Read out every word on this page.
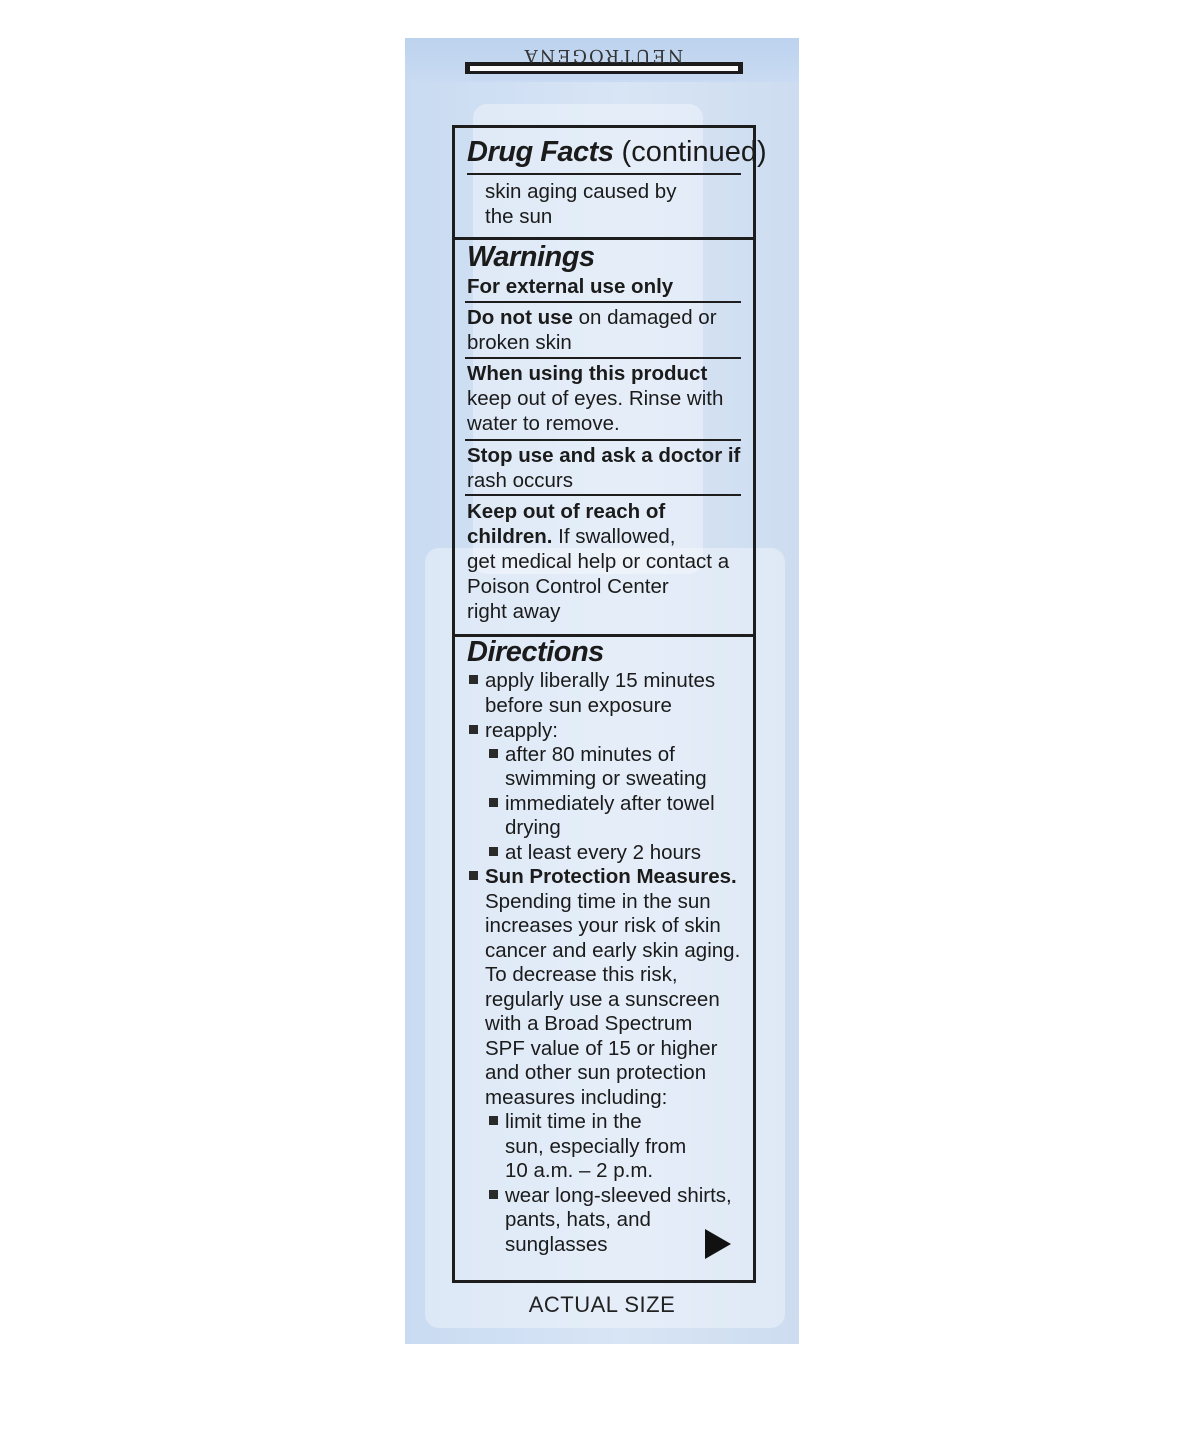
NEUTROGENA
Drug Facts (continued)
skin aging caused by
the sun
Warnings
For external use only
Do not use on damaged or
broken skin
When using this product
keep out of eyes. Rinse with
water to remove.
Stop use and ask a doctor if
rash occurs
Keep out of reach of
children. If swallowed,
get medical help or contact a
Poison Control Center
right away
Directions
apply liberally 15 minutes
before sun exposure
reapply:
after 80 minutes of
swimming or sweating
immediately after towel
drying
at least every 2 hours
Sun Protection Measures.
Spending time in the sun
increases your risk of skin
cancer and early skin aging.
To decrease this risk,
regularly use a sunscreen
with a Broad Spectrum
SPF value of 15 or higher
and other sun protection
measures including:
limit time in the
sun, especially from
10 a.m. – 2 p.m.
wear long-sleeved shirts,
pants, hats, and
sunglasses
ACTUAL SIZE
